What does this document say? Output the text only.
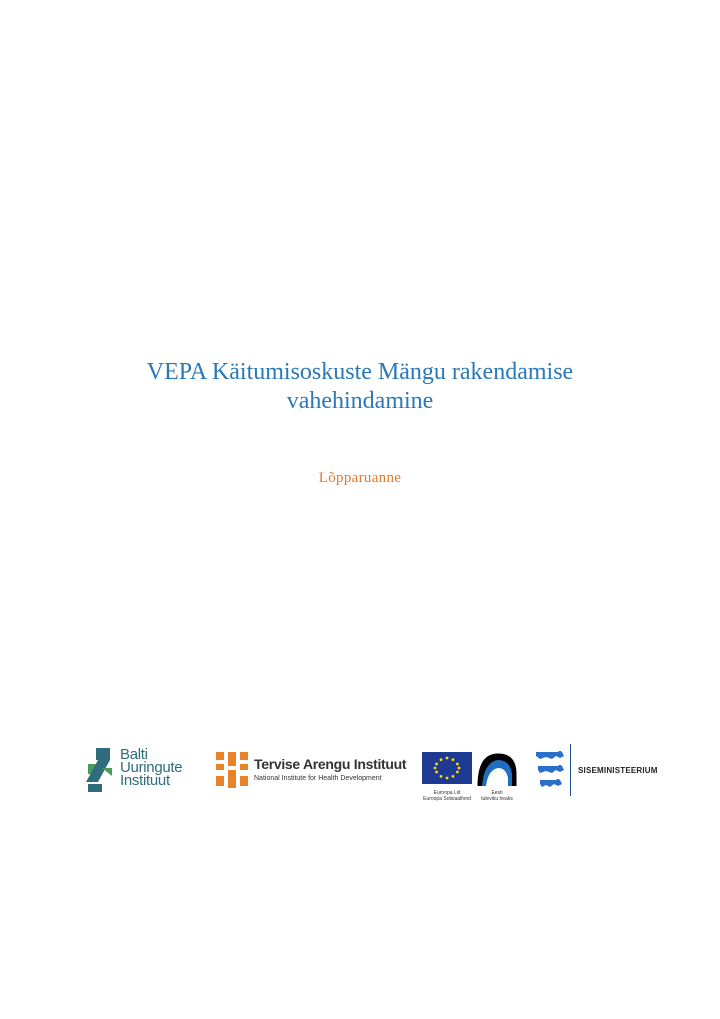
VEPA Käitumisoskuste Mängu rakendamise
vahehindamine

Lõpparuanne

Balti
Uuringute
Instituut
Tervise Arengu Instituut
National Institute for Health Development
Euroopa Liit
Euroopa Sotsiaalfond
Eesti
tuleviku heaks
SISEMINISTEERIUM
